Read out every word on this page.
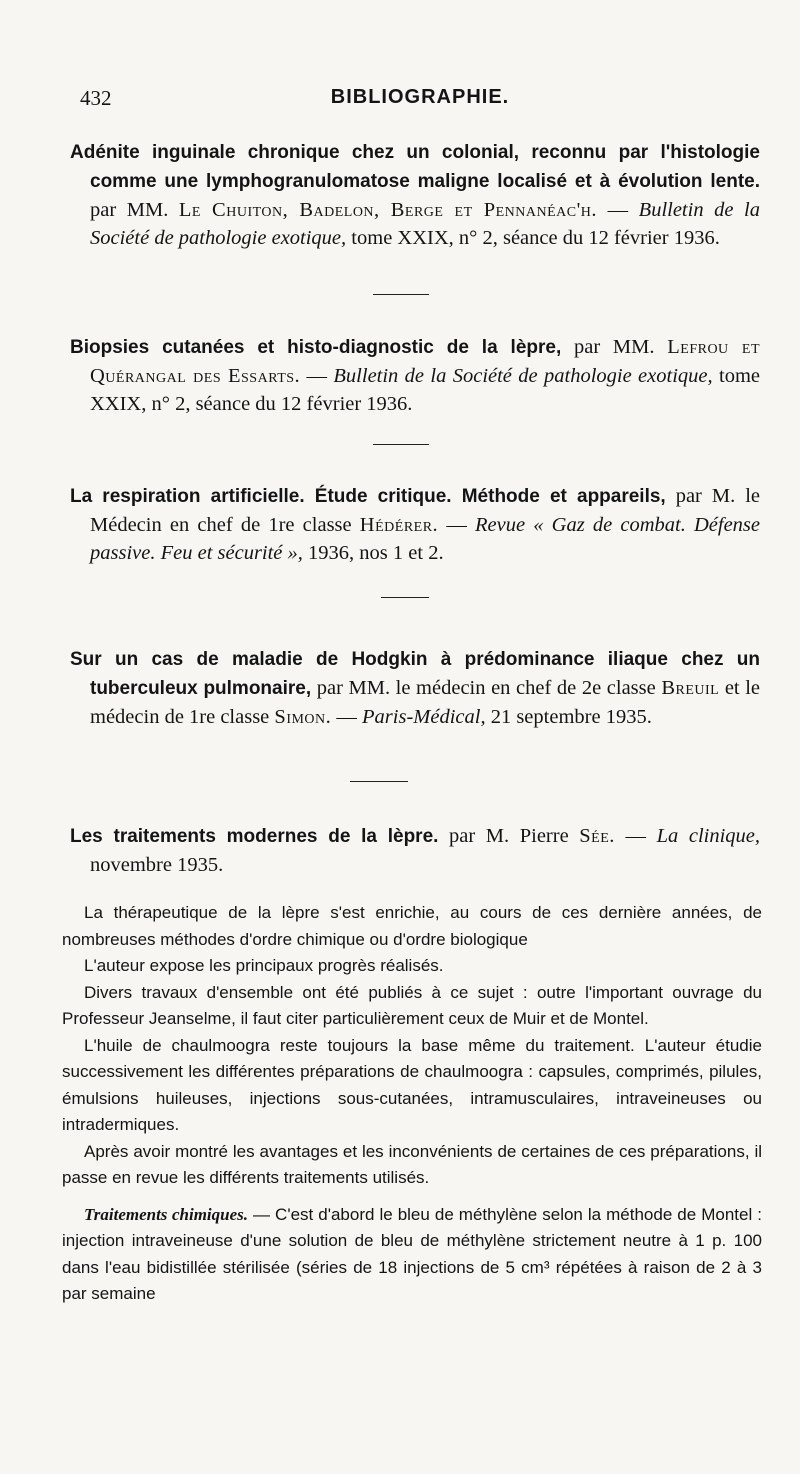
432	BIBLIOGRAPHIE.
Adénite inguinale chronique chez un colonial, reconnu par l'histologie comme une lymphogranulomatose maligne localisé et à évolution lente. par MM. Le Chuiton, Badelon, Berge et Pennanéac'h. — Bulletin de la Société de pathologie exotique, tome XXIX, n° 2, séance du 12 février 1936.
Biopsies cutanées et histo-diagnostic de la lèpre, par MM. Lefrou et Quérangal des Essarts. — Bulletin de la Société de pathologie exotique, tome XXIX, n° 2, séance du 12 février 1936.
La respiration artificielle. Étude critique. Méthode et appareils, par M. le Médecin en chef de 1re classe Hédérer. — Revue « Gaz de combat. Défense passive. Feu et sécurité », 1936, nos 1 et 2.
Sur un cas de maladie de Hodgkin à prédominance iliaque chez un tuberculeux pulmonaire, par MM. le médecin en chef de 2e classe Breuil et le médecin de 1re classe Simon. — Paris-Médical, 21 septembre 1935.
Les traitements modernes de la lèpre. par M. Pierre Sée. — La clinique, novembre 1935.

La thérapeutique de la lèpre s'est enrichie, au cours de ces dernière années, de nombreuses méthodes d'ordre chimique ou d'ordre biologique

L'auteur expose les principaux progrès réalisés.

Divers travaux d'ensemble ont été publiés à ce sujet : outre l'important ouvrage du Professeur Jeanselme, il faut citer particulièrement ceux de Muir et de Montel.

L'huile de chaulmoogra reste toujours la base même du traitement. L'auteur étudie successivement les différentes préparations de chaulmoogra : capsules, comprimés, pilules, émulsions huileuses, injections sous-cutanées, intramusculaires, intraveineuses ou intradermiques.

Après avoir montré les avantages et les inconvénients de certaines de ces préparations, il passe en revue les différents traitements utilisés.

Traitements chimiques. — C'est d'abord le bleu de méthylène selon la méthode de Montel : injection intraveineuse d'une solution de bleu de méthylène strictement neutre à 1 p. 100 dans l'eau bidistillée stérilisée (séries de 18 injections de 5 cm³ répétées à raison de 2 à 3 par semaine
